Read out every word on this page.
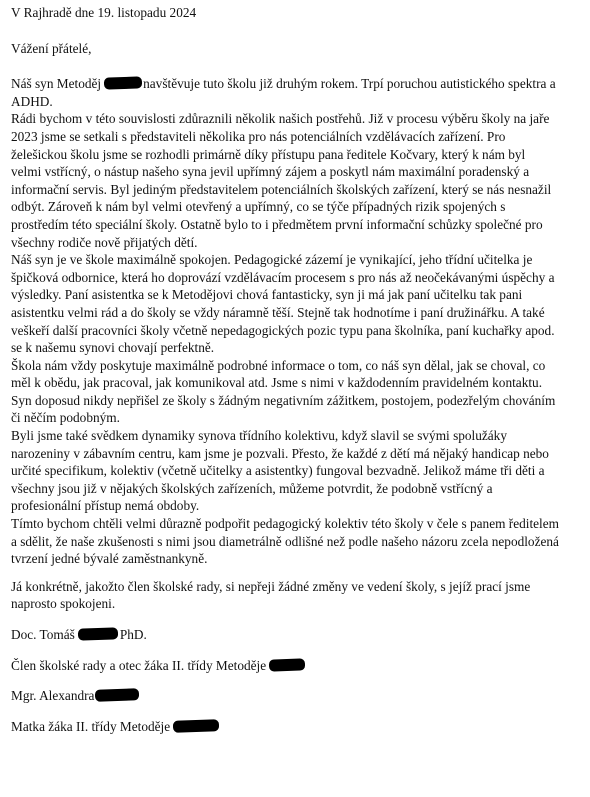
V Rajhradě dne 19. listopadu 2024
Vážení přátelé,
Náš syn Metoděj	navštěvuje tuto školu již druhým rokem. Trpí poruchou autistického spektra a
ADHD.
Rádi bychom v této souvislosti zdůraznili několik našich postřehů. Již v procesu výběru školy na jaře
2023 jsme se setkali s představiteli několika pro nás potenciálních vzdělávacích zařízení. Pro
želešickou školu jsme se rozhodli primárně díky přístupu pana ředitele Kočvary, který k nám byl
velmi vstřícný, o nástup našeho syna jevil upřímný zájem a poskytl nám maximální poradenský a
informační servis. Byl jediným představitelem potenciálních školských zařízení, který se nás nesnažil
odbýt. Zároveň k nám byl velmi otevřený a upřímný, co se týče případných rizik spojených s
prostředím této speciální školy. Ostatně bylo to i předmětem první informační schůzky společné pro
všechny rodiče nově přijatých dětí.
Náš syn je ve škole maximálně spokojen. Pedagogické zázemí je vynikající, jeho třídní učitelka je
špičková odbornice, která ho doprovází vzdělávacím procesem s pro nás až neočekávanými úspěchy a
výsledky. Paní asistentka se k Metodějovi chová fantasticky, syn ji má jak paní učitelku tak pani
asistentku velmi rád a do školy se vždy náramně těší. Stejně tak hodnotíme i paní družinářku. A také
veškeří další pracovníci školy včetně nepedagogických pozic typu pana školníka, paní kuchařky apod.
se k našemu synovi chovají perfektně.
Škola nám vždy poskytuje maximálně podrobné informace o tom, co náš syn dělal, jak se choval, co
měl k obědu, jak pracoval, jak komunikoval atd. Jsme s nimi v každodenním pravidelném kontaktu.
Syn doposud nikdy nepřišel ze školy s žádným negativním zážitkem, postojem, podezřelým chováním
či něčím podobným.
Byli jsme také svědkem dynamiky synova třídního kolektivu, když slavil se svými spolužáky
narozeniny v zábavním centru, kam jsme je pozvali. Přesto, že každé z dětí má nějaký handicap nebo
určité specifikum, kolektiv (včetně učitelky a asistentky) fungoval bezvadně. Jelikož máme tři děti a
všechny jsou již v nějakých školských zařízeních, můžeme potvrdit, že podobně vstřícný a
profesionální přístup nemá obdoby.
Tímto bychom chtěli velmi důrazně podpořit pedagogický kolektiv této školy v čele s panem ředitelem
a sdělit, že naše zkušenosti s nimi jsou diametrálně odlišné než podle našeho názoru zcela nepodložená
tvrzení jedné bývalé zaměstnankyně.
Já konkrétně, jakožto člen školské rady, si nepřeji žádné změny ve vedení školy, s jejíž prací jsme
naprosto spokojeni.
Doc. Tomáš	PhD.
Člen školské rady a otec žáka II. třídy Metoděje
Mgr. Alexandra
Matka žáka II. třídy Metoděje
